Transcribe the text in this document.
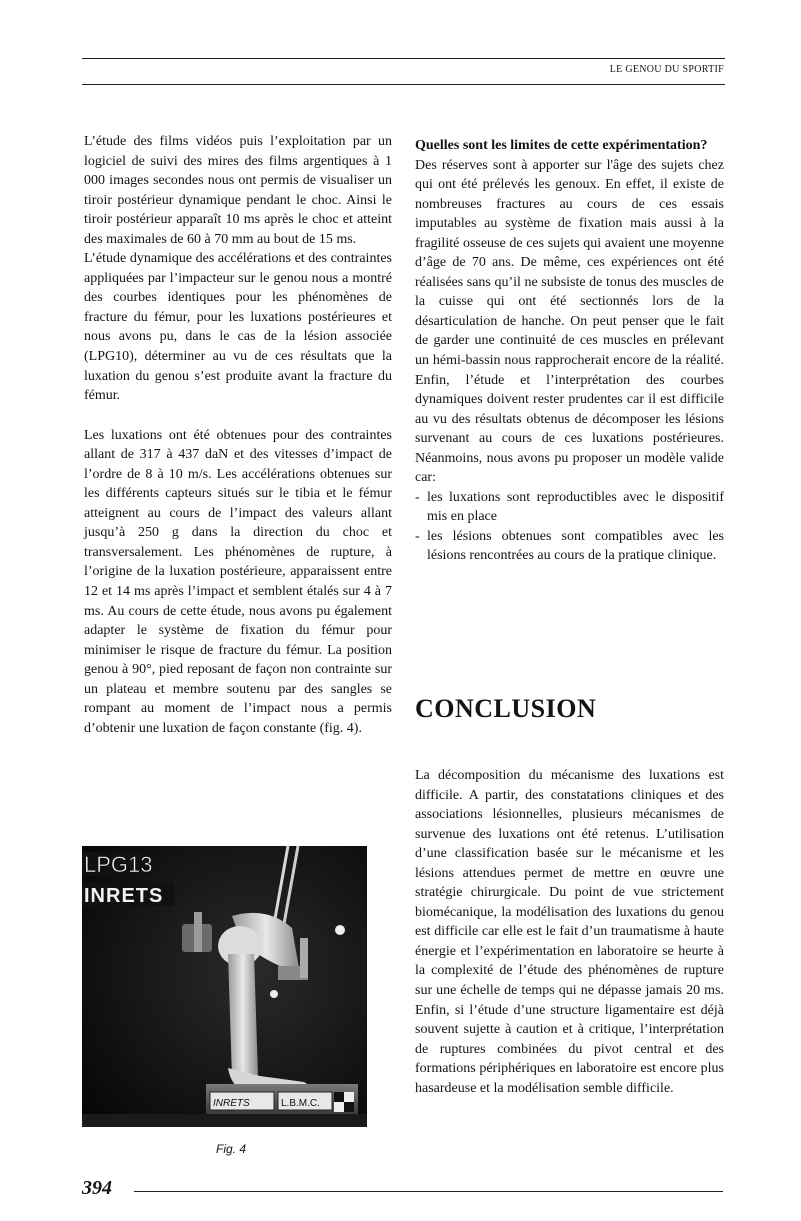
LE GENOU DU SPORTIF

L’étude des films vidéos puis l’exploitation par un logiciel de suivi des mires des films argentiques à 1 000 images secondes nous ont permis de visualiser un tiroir postérieur dynamique pendant le choc. Ainsi le tiroir postérieur apparaît 10 ms après le choc et atteint des maximales de 60 à 70 mm au bout de 15 ms.

L’étude dynamique des accélérations et des contraintes appliquées par l’impacteur sur le genou nous a montré des courbes identiques pour les phénomènes de fracture du fémur, pour les luxations postérieures et nous avons pu, dans le cas de la lésion associée (LPG10), déterminer au vu de ces résultats que la luxation du genou s’est produite avant la fracture du fémur.

Les luxations ont été obtenues pour des contraintes allant de 317 à 437 daN et des vitesses d’impact de l’ordre de 8 à 10 m/s. Les accélérations obtenues sur les différents capteurs situés sur le tibia et le fémur atteignent au cours de l’impact des valeurs allant jusqu’à 250 g dans la direction du choc et transversalement. Les phénomènes de rupture, à l’origine de la luxation postérieure, apparaissent entre 12 et 14 ms après l’impact et semblent étalés sur 4 à 7 ms. Au cours de cette étude, nous avons pu également adapter le système de fixation du fémur pour minimiser le risque de fracture du fémur. La position genou à 90°, pied reposant de façon non contrainte sur un plateau et membre soutenu par des sangles se rompant au moment de l’impact nous a permis d’obtenir une luxation de façon constante (fig. 4).

LPG13
INRETS
INRETS	L.B.M.C.
Fig. 4

Quelles sont les limites de cette expérimentation?

Des réserves sont à apporter sur l'âge des sujets chez qui ont été prélevés les genoux. En effet, il existe de nombreuses fractures au cours de ces essais imputables au système de fixation mais aussi à la fragilité osseuse de ces sujets qui avaient une moyenne d’âge de 70 ans. De même, ces expériences ont été réalisées sans qu’il ne subsiste de tonus des muscles de la cuisse qui ont été sectionnés lors de la désarticulation de hanche. On peut penser que le fait de garder une continuité de ces muscles en prélevant un hémi-bassin nous rapprocherait encore de la réalité. Enfin, l’étude et l’interprétation des courbes dynamiques doivent rester prudentes car il est difficile au vu des résultats obtenus de décomposer les lésions survenant au cours de ces luxations postérieures. Néanmoins, nous avons pu proposer un modèle valide car:

- les luxations sont reproductibles avec le dispositif mis en place
- les lésions obtenues sont compatibles avec les lésions rencontrées au cours de la pratique clinique.
CONCLUSION

La décomposition du mécanisme des luxations est difficile. A partir, des constatations cliniques et des associations lésionnelles, plusieurs mécanismes de survenue des luxations ont été retenus. L’utilisation d’une classification basée sur le mécanisme et les lésions attendues permet de mettre en œuvre une stratégie chirurgicale. Du point de vue strictement biomécanique, la modélisation des luxations du genou est difficile car elle est le fait d’un traumatisme à haute énergie et l’expérimentation en laboratoire se heurte à la complexité de l’étude des phénomènes de rupture sur une échelle de temps qui ne dépasse jamais 20 ms. Enfin, si l’étude d’une structure ligamentaire est déjà souvent sujette à caution et à critique, l’interprétation de ruptures combinées du pivot central et des formations périphériques en laboratoire est encore plus hasardeuse et la modélisation semble difficile.

394
